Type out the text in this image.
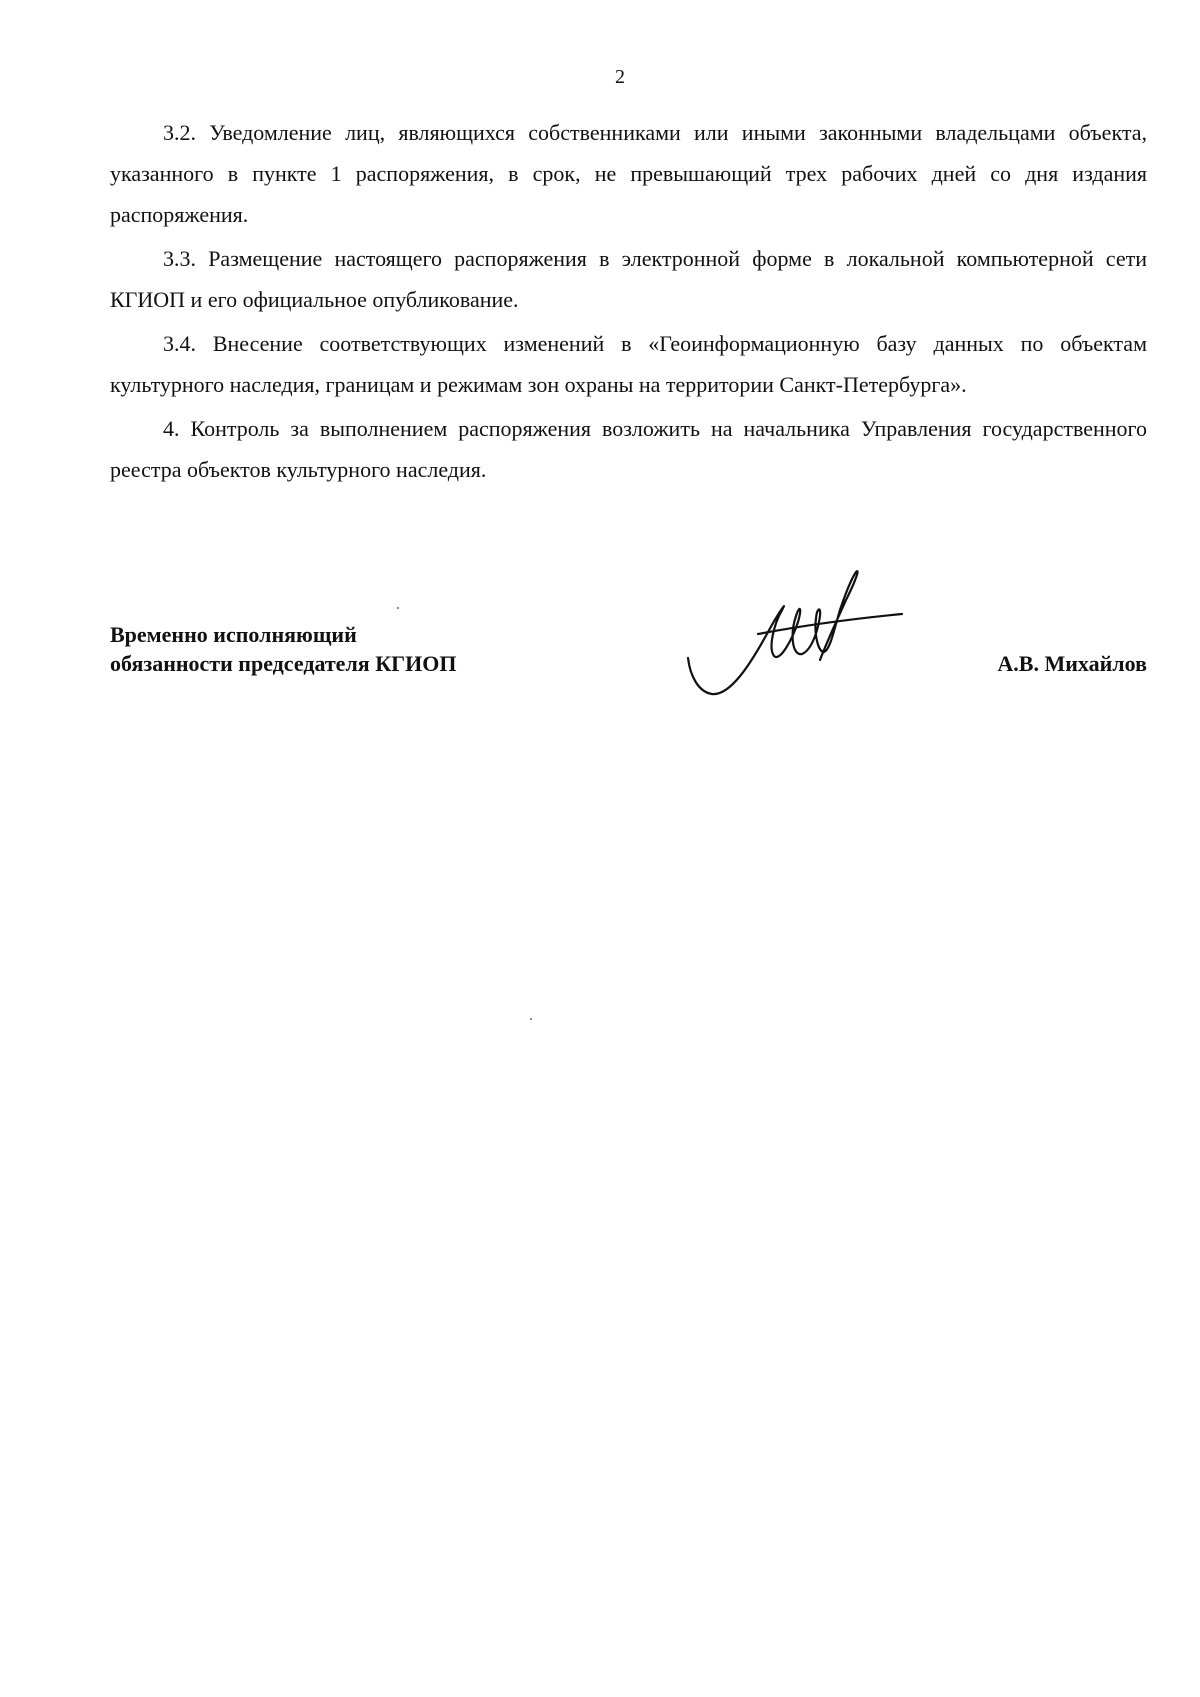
2

3.2. Уведомление лиц, являющихся собственниками или иными законными владельцами объекта, указанного в пункте 1 распоряжения, в срок, не превышающий трех рабочих дней со дня издания распоряжения.

3.3. Размещение настоящего распоряжения в электронной форме в локальной компьютерной сети КГИОП и его официальное опубликование.

3.4. Внесение соответствующих изменений в «Геоинформационную базу данных по объектам культурного наследия, границам и режимам зон охраны на территории Санкт-Петербурга».

4. Контроль за выполнением распоряжения возложить на начальника Управления государственного реестра объектов культурного наследия.

Временно исполняющий
обязанности председателя КГИОП	А.В. Михайлов
